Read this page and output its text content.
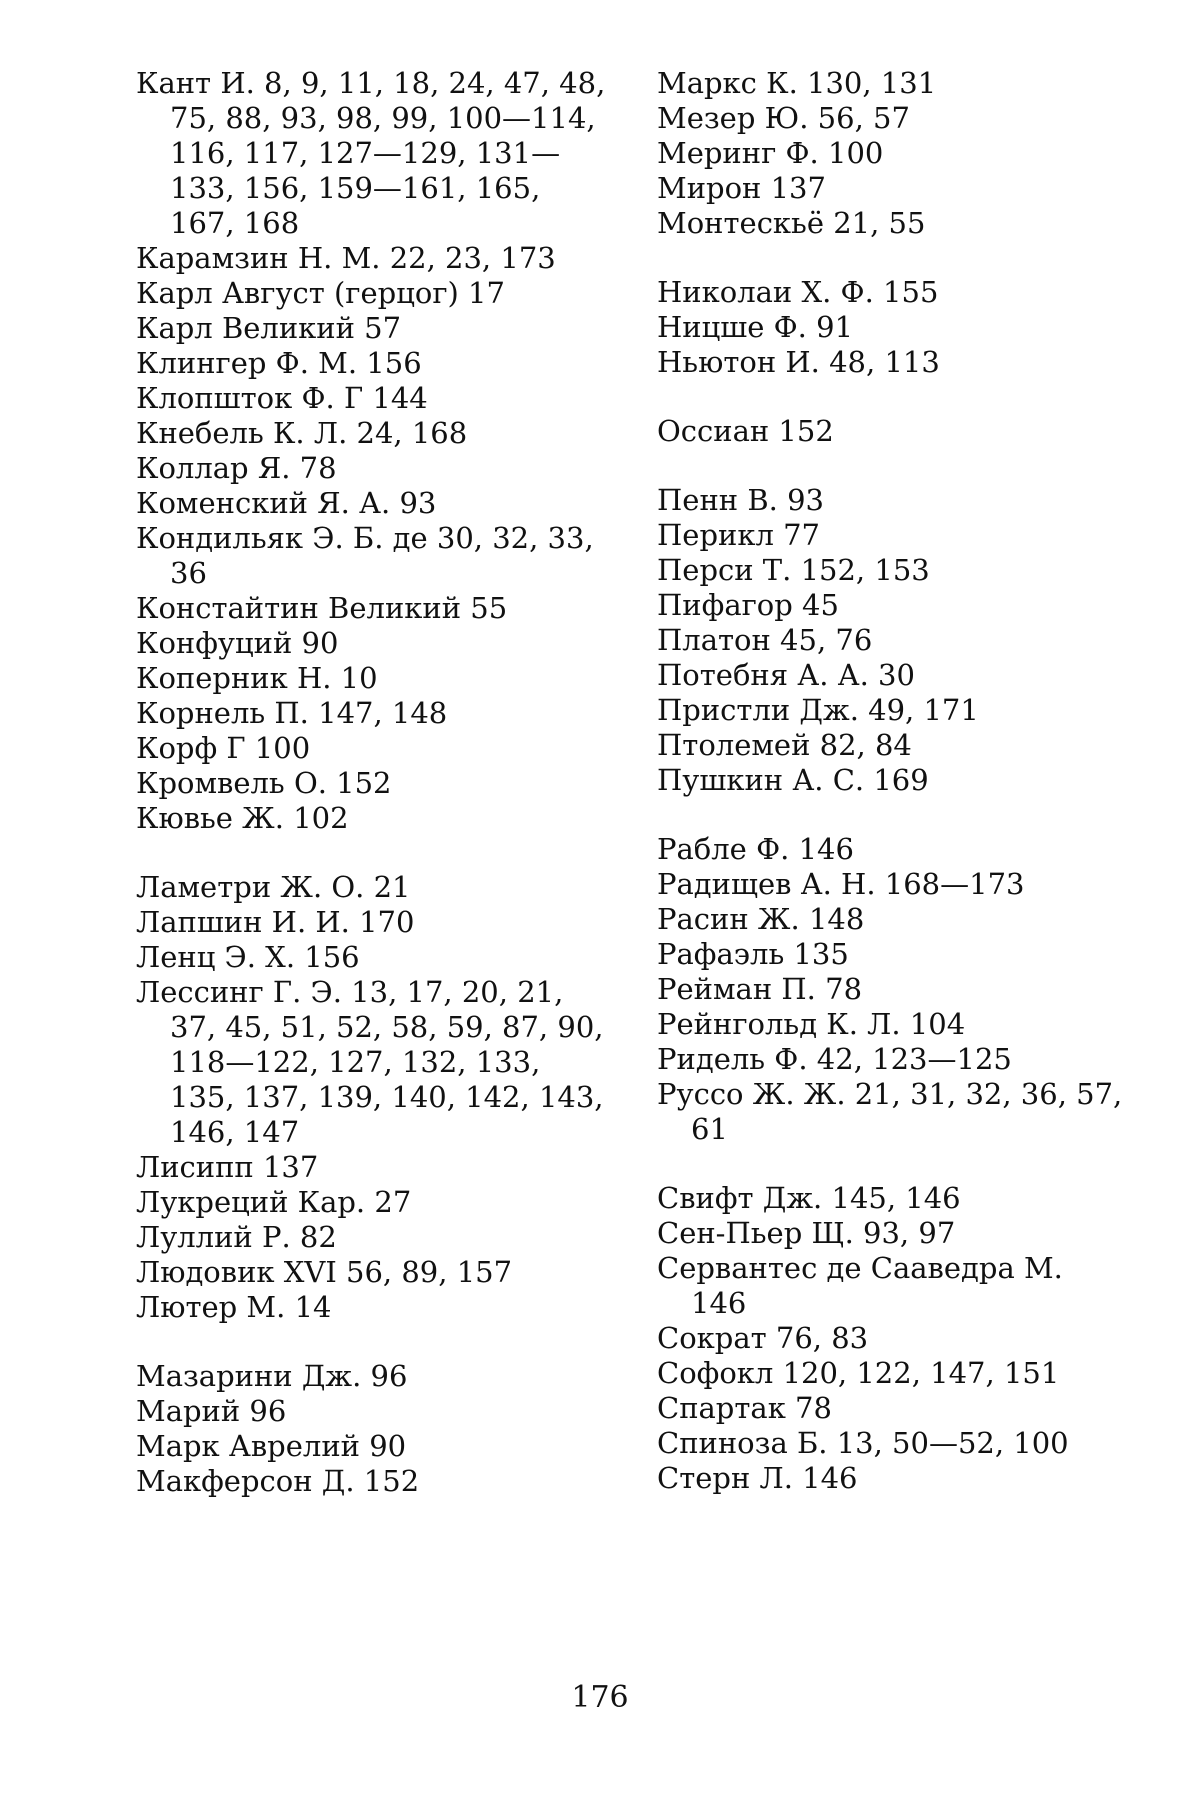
Кант И. 8, 9, 11, 18, 24, 47, 48, 75, 88, 93, 98, 99, 100—114, 116, 117, 127—129, 131—133, 156, 159—161, 165, 167, 168

Карамзин Н. М. 22, 23, 173

Карл Август (герцог) 17

Карл Великий 57

Клингер Ф. М. 156

Клопшток Ф. Г 144

Кнебель К. Л. 24, 168

Коллар Я. 78

Коменский Я. А. 93

Кондильяк Э. Б. де 30, 32, 33, 36

Констайтин Великий 55

Конфуций 90

Коперник Н. 10

Корнель П. 147, 148

Корф Г 100

Кромвель О. 152

Кювье Ж. 102

Ламетри Ж. О. 21

Лапшин И. И. 170

Ленц Э. Х. 156

Лессинг Г. Э. 13, 17, 20, 21, 37, 45, 51, 52, 58, 59, 87, 90, 118—122, 127, 132, 133, 135, 137, 139, 140, 142, 143, 146, 147

Лисипп 137

Лукреций Кар. 27

Луллий Р. 82

Людовик XVI 56, 89, 157

Лютер М. 14

Мазарини Дж. 96

Марий 96

Марк Аврелий 90

Макферсон Д. 152

Маркс К. 130, 131

Мезер Ю. 56, 57

Меринг Ф. 100

Мирон 137

Монтескьё 21, 55

Николаи Х. Ф. 155

Ницше Ф. 91

Ньютон И. 48, 113

Оссиан 152

Пенн В. 93

Перикл 77

Перси Т. 152, 153

Пифагор 45

Платон 45, 76

Потебня А. А. 30

Пристли Дж. 49, 171

Птолемей 82, 84

Пушкин А. С. 169

Рабле Ф. 146

Радищев А. Н. 168—173

Расин Ж. 148

Рафаэль 135

Рейман П. 78

Рейнгольд К. Л. 104

Ридель Ф. 42, 123—125

Руссо Ж. Ж. 21, 31, 32, 36, 57, 61

Свифт Дж. 145, 146

Сен-Пьер Щ. 93, 97

Сервантес де Сааведра М. 146

Сократ 76, 83

Софокл 120, 122, 147, 151

Спартак 78

Спиноза Б. 13, 50—52, 100

Стерн Л. 146

176
